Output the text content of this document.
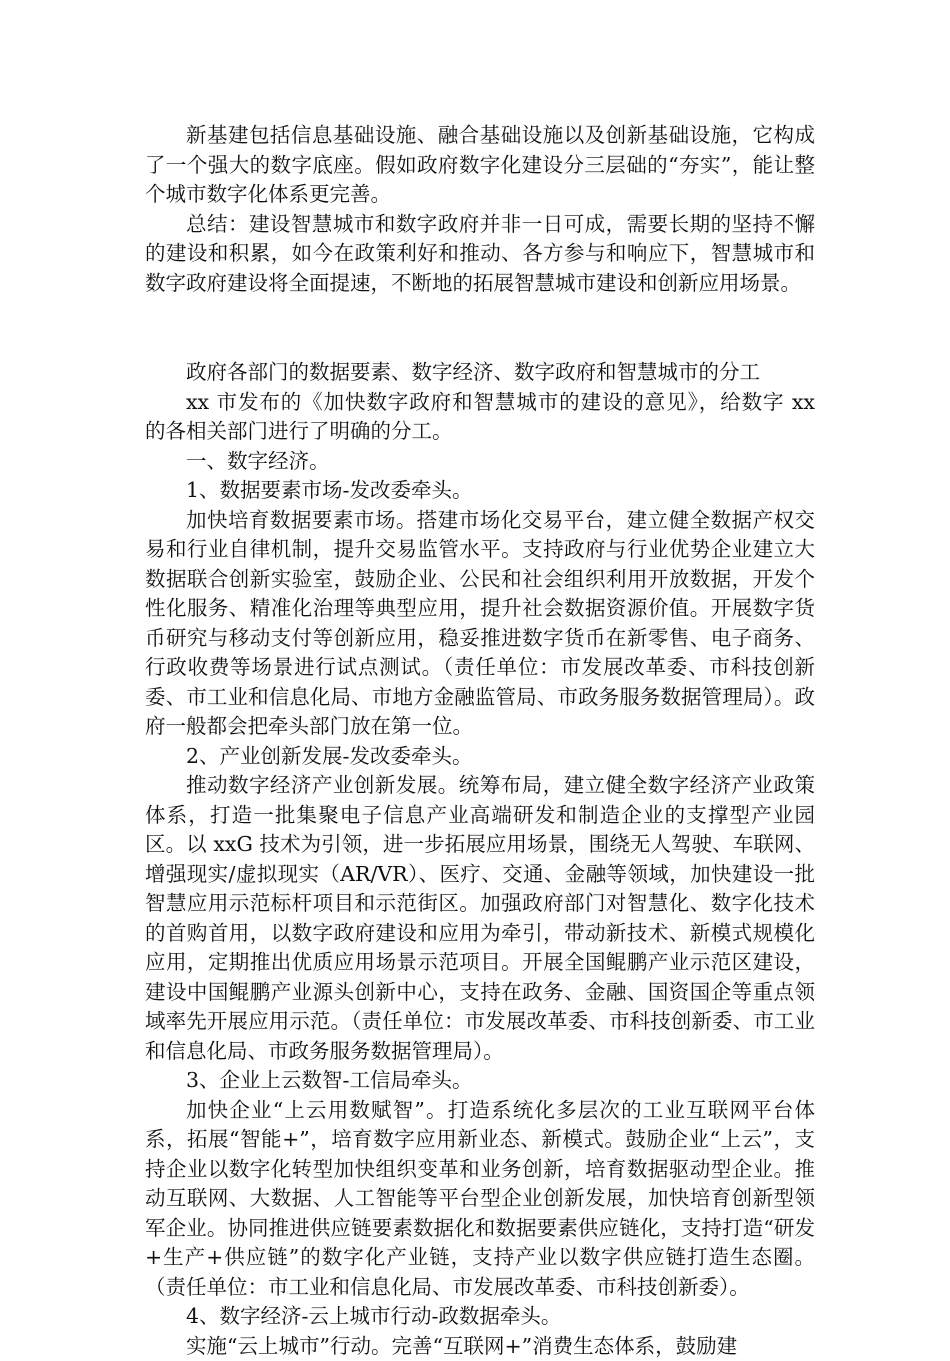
新基建包括信息基础设施、融合基础设施以及创新基础设施，它构成了一个强大的数字底座。假如政府数字化建设分三层础的“夯实”，能让整个城市数字化体系更完善。

总结：建设智慧城市和数字政府并非一日可成，需要长期的坚持不懈的建设和积累，如今在政策利好和推动、各方参与和响应下，智慧城市和数字政府建设将全面提速，不断地的拓展智慧城市建设和创新应用场景。

政府各部门的数据要素、数字经济、数字政府和智慧城市的分工

xx 市发布的《加快数字政府和智慧城市的建设的意见》，给数字 xx 的各相关部门进行了明确的分工。

一、数字经济。

1、数据要素市场-发改委牵头。

加快培育数据要素市场。搭建市场化交易平台，建立健全数据产权交易和行业自律机制，提升交易监管水平。支持政府与行业优势企业建立大数据联合创新实验室，鼓励企业、公民和社会组织利用开放数据，开发个性化服务、精准化治理等典型应用，提升社会数据资源价值。开展数字货币研究与移动支付等创新应用，稳妥推进数字货币在新零售、电子商务、行政收费等场景进行试点测试。（责任单位：市发展改革委、市科技创新委、市工业和信息化局、市地方金融监管局、市政务服务数据管理局）。政府一般都会把牵头部门放在第一位。

2、产业创新发展-发改委牵头。

推动数字经济产业创新发展。统筹布局，建立健全数字经济产业政策体系，打造一批集聚电子信息产业高端研发和制造企业的支撑型产业园区。以 xxG 技术为引领，进一步拓展应用场景，围绕无人驾驶、车联网、增强现实/虚拟现实（AR/VR）、医疗、交通、金融等领域，加快建设一批智慧应用示范标杆项目和示范街区。加强政府部门对智慧化、数字化技术的首购首用，以数字政府建设和应用为牵引，带动新技术、新模式规模化应用，定期推出优质应用场景示范项目。开展全国鲲鹏产业示范区建设，建设中国鲲鹏产业源头创新中心，支持在政务、金融、国资国企等重点领域率先开展应用示范。（责任单位：市发展改革委、市科技创新委、市工业和信息化局、市政务服务数据管理局）。

3、企业上云数智-工信局牵头。

加快企业“上云用数赋智”。打造系统化多层次的工业互联网平台体系，拓展“智能+”，培育数字应用新业态、新模式。鼓励企业“上云”，支持企业以数字化转型加快组织变革和业务创新，培育数据驱动型企业。推动互联网、大数据、人工智能等平台型企业创新发展，加快培育创新型领军企业。协同推进供应链要素数据化和数据要素供应链化，支持打造“研发+生产+供应链”的数字化产业链，支持产业以数字供应链打造生态圈。（责任单位：市工业和信息化局、市发展改革委、市科技创新委）。

4、数字经济-云上城市行动-政数据牵头。

实施“云上城市”行动。完善“互联网+”消费生态体系，鼓励建
